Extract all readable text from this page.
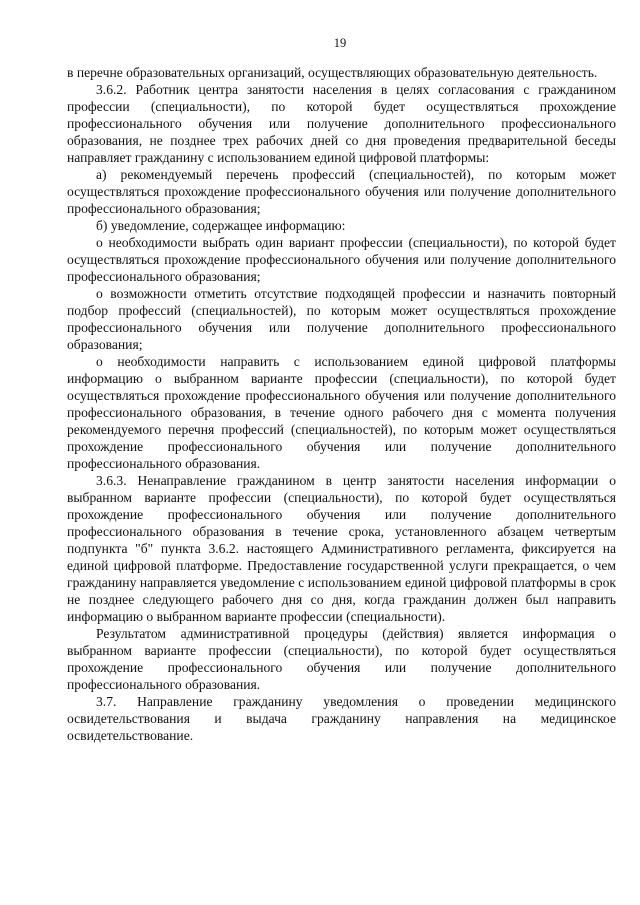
19

в перечне образовательных организаций, осуществляющих образовательную деятельность.

3.6.2. Работник центра занятости населения в целях согласования с гражданином профессии (специальности), по которой будет осуществляться прохождение профессионального обучения или получение дополнительного профессионального образования, не позднее трех рабочих дней со дня проведения предварительной беседы направляет гражданину с использованием единой цифровой платформы:

а) рекомендуемый перечень профессий (специальностей), по которым может осуществляться прохождение профессионального обучения или получение дополнительного профессионального образования;

б) уведомление, содержащее информацию:

о необходимости выбрать один вариант профессии (специальности), по которой будет осуществляться прохождение профессионального обучения или получение дополнительного профессионального образования;

о возможности отметить отсутствие подходящей профессии и назначить повторный подбор профессий (специальностей), по которым может осуществляться прохождение профессионального обучения или получение дополнительного профессионального образования;

о необходимости направить с использованием единой цифровой платформы информацию о выбранном варианте профессии (специальности), по которой будет осуществляться прохождение профессионального обучения или получение дополнительного профессионального образования, в течение одного рабочего дня с момента получения рекомендуемого перечня профессий (специальностей), по которым может осуществляться прохождение профессионального обучения или получение дополнительного профессионального образования.

3.6.3. Ненаправление гражданином в центр занятости населения информации о выбранном варианте профессии (специальности), по которой будет осуществляться прохождение профессионального обучения или получение дополнительного профессионального образования в течение срока, установленного абзацем четвертым подпункта "б" пункта 3.6.2. настоящего Административного регламента, фиксируется на единой цифровой платформе. Предоставление государственной услуги прекращается, о чем гражданину направляется уведомление с использованием единой цифровой платформы в срок не позднее следующего рабочего дня со дня, когда гражданин должен был направить информацию о выбранном варианте профессии (специальности).

Результатом административной процедуры (действия) является информация о выбранном варианте профессии (специальности), по которой будет осуществляться прохождение профессионального обучения или получение дополнительного профессионального образования.

3.7. Направление гражданину уведомления о проведении медицинского освидетельствования и выдача гражданину направления на медицинское освидетельствование.
